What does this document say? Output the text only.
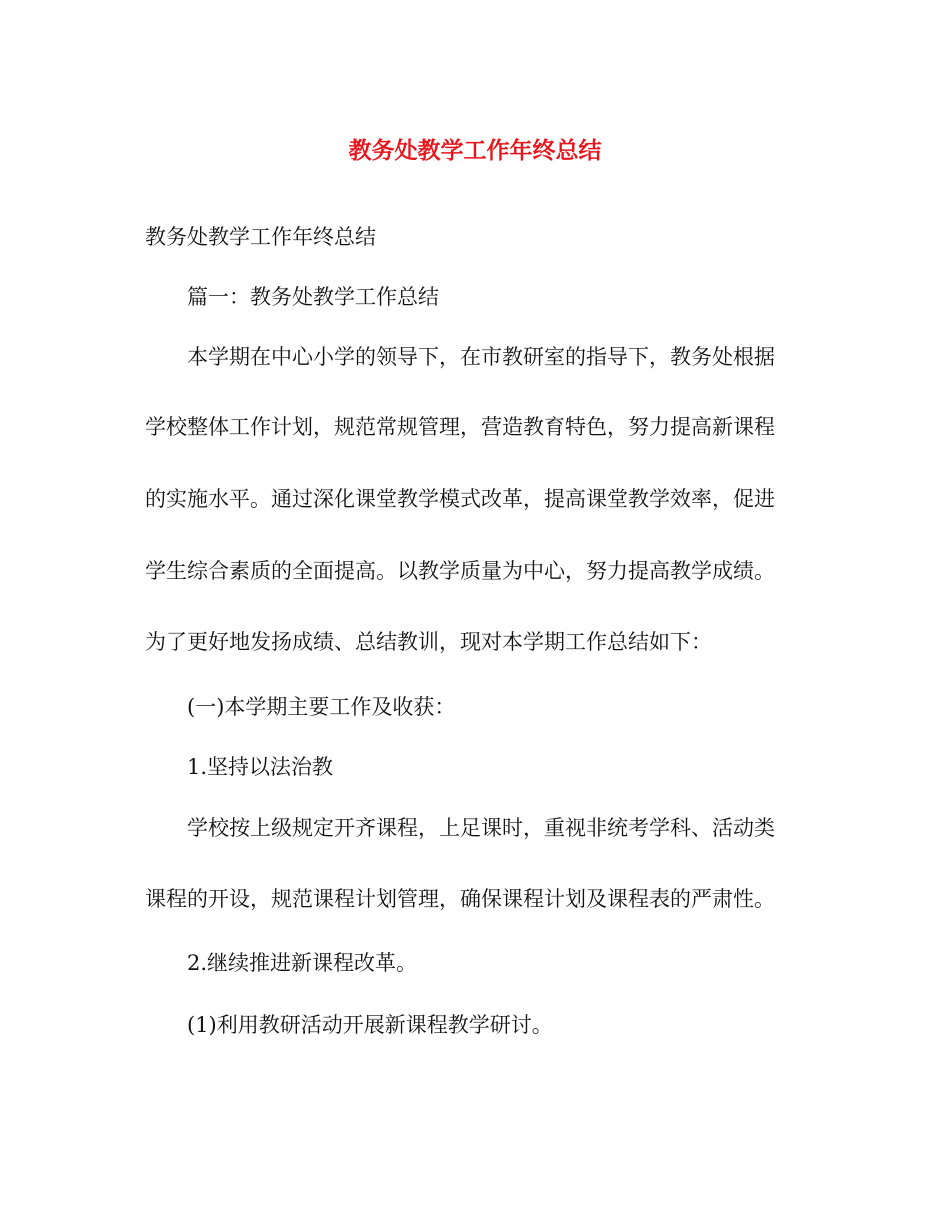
教务处教学工作年终总结

教务处教学工作年终总结

篇一：教务处教学工作总结

本学期在中心小学的领导下，在市教研室的指导下，教务处根据

学校整体工作计划，规范常规管理，营造教育特色，努力提高新课程

的实施水平。通过深化课堂教学模式改革，提高课堂教学效率，促进

学生综合素质的全面提高。以教学质量为中心，努力提高教学成绩。

为了更好地发扬成绩、总结教训，现对本学期工作总结如下：

(一)本学期主要工作及收获：

1.坚持以法治教

学校按上级规定开齐课程，上足课时，重视非统考学科、活动类

课程的开设，规范课程计划管理，确保课程计划及课程表的严肃性。

2.继续推进新课程改革。

(1)利用教研活动开展新课程教学研讨。
